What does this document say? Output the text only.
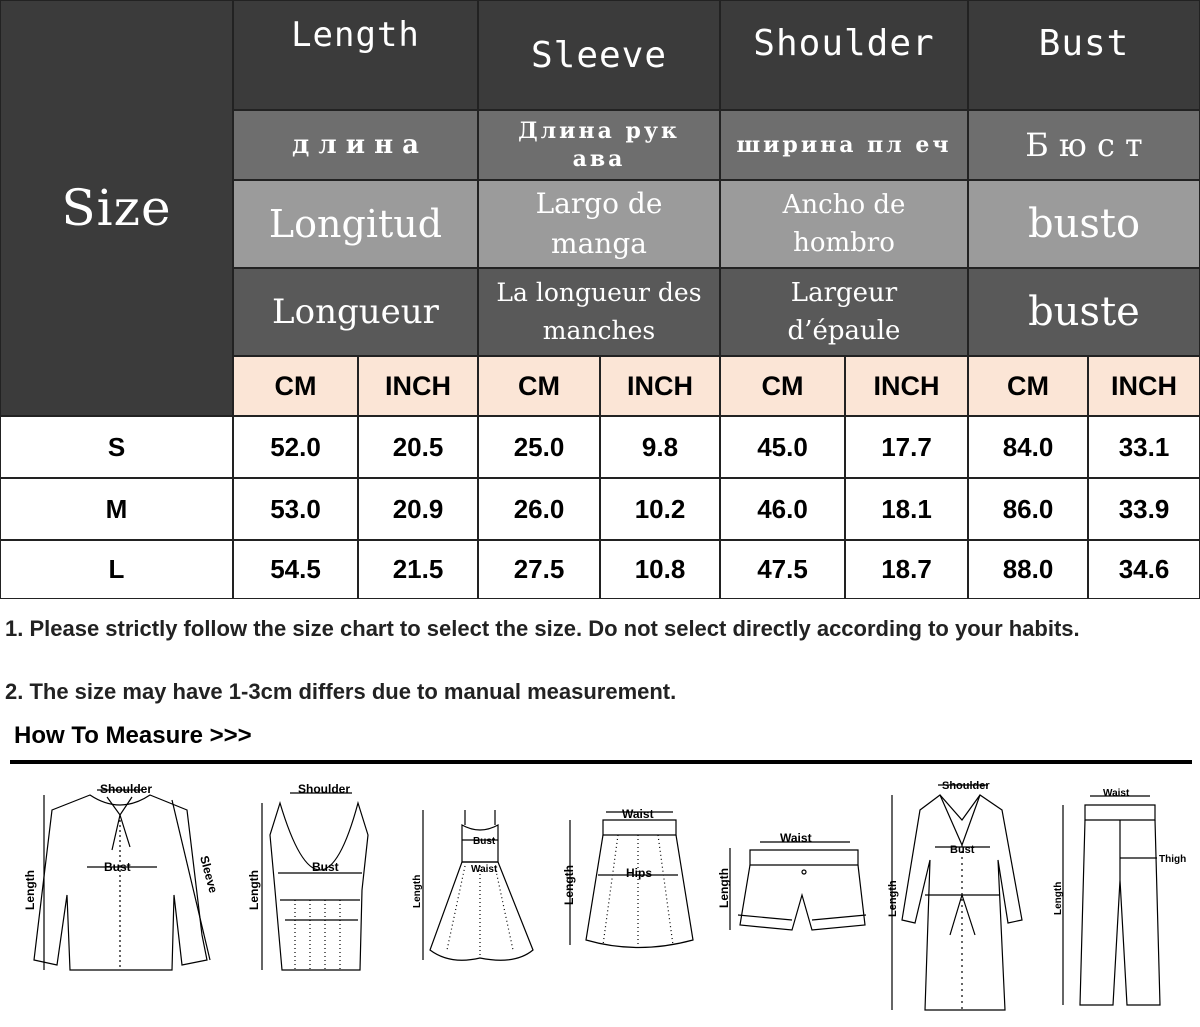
Size
Length
д л и н а
Longitud
Longueur
Sleeve
Длина рук ава
Largo de manga
La longueur des manches
Shoulder
ширина пл еч
Ancho de hombro
Largeur d’épaule
Bust
Б ю с т
busto
buste
CM	INCH	CM	INCH	CM	INCH	CM	INCH
S	52.0	20.5	25.0	9.8	45.0	17.7	84.0	33.1
M	53.0	20.9	26.0	10.2	46.0	18.1	86.0	33.9
L	54.5	21.5	27.5	10.8	47.5	18.7	88.0	34.6
1. Please strictly follow the size chart to select the size. Do not select directly according to your habits.
2. The size may have 1-3cm differs due to manual measurement.
How To Measure >>>
Shoulder
Bust
Length	Sleeve
Shoulder
Bust
Length
Bust
Waist
Length
Waist
Hips
Length
Waist
Length
Shoulder
Bust
Length
Waist
Thigh
Length
